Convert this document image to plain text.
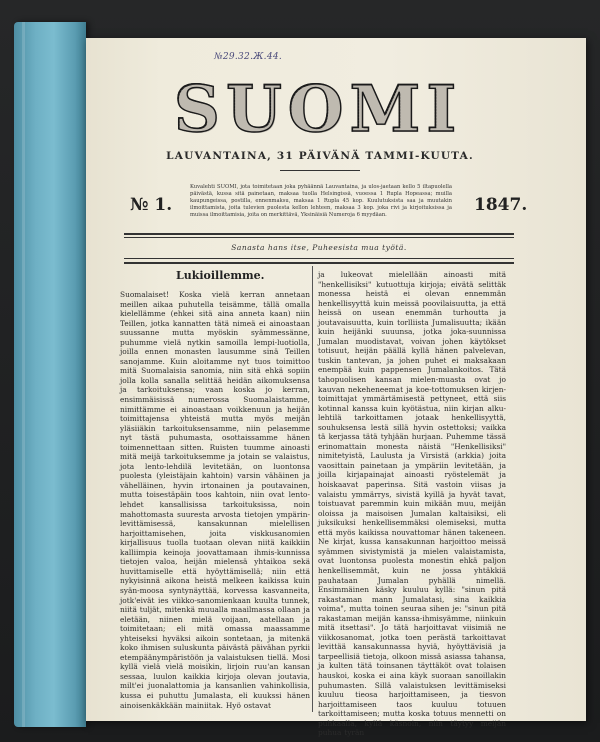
№29.32.Ж.44.
SUOMI
LAUVANTAINA, 31 PÄIVÄNÄ TAMMI-KUUTA.
№ 1.
Kuvalehti SUOMI, jota toimitetaan joka pyhäännä Lauvantaina, ja ulos-jaetaan kello 5 iltapuolella päivästä, kussa sitä painetaan, maksaa tuolla Helsingissä, vuoessa 1 Rupla Hopeassa; muilla kaupungeissa, postilla, ennenmaksu, maksaa 1 Rupla 45 kop. Kuulutuksista saa ja muutakin ilmoittamista, joita tulevien puolesta kellon lehteen, maksaa 3 kop. joka rivi ja kirjoituksissa ja muissa ilmoittamisia, joita on merkittävä, Yksinäisiä Numeroja 6 myydäan.	1847.
Sanasta hans itse, Puheesista mua työtä.
Lukioillemme.

Suomalaiset! Koska vielä kerran annetaan meillen aikaa puhutella teisämme, tällä omalla kielellämme (ehkei sitä aina anneta kaan) niin Teillen, jotka kannatten tätä nimeä ei ainoastaan suussanne mutta myöskin syämmessänne, puhumme vielä nytkin samoilla lempi-luotiolla, joilla ennen monasten lausumme sinä Teillen sanojamme. Kuin aloitamme nyt tuos toimittoo mitä Suomalaisia sanomia, niin sitä ehkä sopiin jolla kolla sanalla selittää heidän aikomuksensa ja tarkoituksensa; vaan koska jo kerran, ensimmäisissä numerossa Suomalaistamme, nimittämme ei ainoastaan voikkenuun ja heijän toimittajensa yhteistä mutta myös meijän yläsiiäkin tarkoituksensamme, niin pelasemme nyt tästä puhumasta, osottaissamme hänen toimennettaan sitten. Ruisten tuumme ainoasti mitä meijä tarkoituksemme ja jotain se valaistus, jota lento-lehdilä levitetään, on luontonsa puolesta (yleistäjain kahtoin) varsin vähäinen ja vähelläinen, hyvin irtonainen ja poutavainen, mutta toisestäpäin toos kahtoin, niin ovat lento-lehdet kansallisissa tarkoituksissa, noin mahottomasta suuresta arvosta tietojen ympärin-levittämisessä, kansakunnan mielellisen harjoittamisehen, joita viskkusanomien kirjallisuus tuolla tuotaan olevan niitä kaikkiin kalliimpia keinoja joovattamaan ihmis-kunnissa tietojen valoa, heijän mielensä yhtaikoa sekä huvittamiselle että hyöyttämisellä; niin että nykyisinnä aikona heistä melkeen kaikissa kuin syän-moosa syntynäyttää, korvessa kasvanneita, jotk'eivät ies viikko-sanomienkaan kuulta tunnek, niitä tuljät, mitenkä muualla maailmassa ollaan ja eletään, niinen mielä voijaan, aatellaan ja toimitetaan; eli mitä omassa maassamme yhteiseksi hyväksi aikoin sontetaan, ja mitenkä koko ihmisen suluskunta päivästä päivähan pyrkii etempäänympäristöön ja valaistuksen tiellä. Mosi kyllä vielä vielä moisikin, lirjoin ruu'an kansan sessaa, luulon kaikkia kirjoja olevan joutavia, milt'ei juonalattomia ja kansanlien vahinkollisia, kussa ei puhuttu Jumalasta, eli kuukssi hänen ainoisenkäkkään mainiitak. Hyö ostavat

ja lukeovat mielellään ainoasti mitä "henkellisiksi" kutuottuja kirjoja; eivätä selittäk monessa heistä ei olevan ennemmän henkellisyyttä kuin meissä poovilaisuutta, ja että heissä on usean enemmän turhoutta ja joutavaisuutta, kuin torlliista Jumalisuutta; ikään kuin heijänki suuunsa, jotka joka-suunnissa Jumalan muodistavat, voivan johen käytökset totisuut, heijän päällä kyllä hänen palvelevan, tuskin tantevan, ja johen puhet ei maksakaan enempää kuin pappensen Jumalankoitos. Tätä tahopuolisen kansan mielen-muasta ovat jo kauvan nekeheneemat ja koe-tottomuksen kirjen-toimittajat ymmärtämisestä pettyneet, että siis kotinnal kanssa kuin kyötästua, niin kirjan alku-lehtilä tarkoittamen jotaak henkellisyyttä, souhuksensa lestä sillä hyvin ostettoksi; vaikka tä kerjassa tätä tyhjään hurjaan. Puhemme tässä erinomattain monesta näistä "Henkellisiksi" nimitetyistä, Laulusta ja Virsistä (arkkia) joita vaosittain painetaan ja ympäriin levitetään, ja joilla kirjapainajat ainoasti ryöstelemät ja hoiskaavat paperinsa. Sitä vastoin viisas ja valaistu ymmärrys, sivistä kyillä ja hyvät tavat, toistuavat paremmin kuin mikään muu, meijän oloissa ja maisoisen Jumalan kaltaisiksi, eli juksikuksi henkellisemmäksi olemiseksi, mutta että myös kaikissa nouvattomar hänen takeneen. Ne kirjat, kussa kansakunnan harjoittoo meissä syämmen sivistymistä ja mielen valaistamista, ovat luontonsa puolesta monestin ehkä paljon henkellisemmät, kuin ne jossa yhtäkkiä pauhataan Jumalan pyhällä nimellä. Ensimmäinen käsky kuuluu kyllä: "sinun pitä rakastaman mann Jumalatasi, sina kaikkia voima", mutta toinen seuraa sihen je: "sinun pitä rakastaman meijän kanssa-ihmisyämme, niinkuin mitä itsettasi". Jo tätä harjoittavat viisimiä ne viikkosanomat, jotka toen perästä tarkoittavat levittää kansakunnassa hyviä, hyöyttävisiä ja tarpeellisiä tietoja, olkoon missä asiassa tahansa, ja kulten tätä toinsanen täyttäköt ovat tolaisen hauskoi, koska ei aina käyk suoraan sanoillakin puhumasten. Sillä valaistuksen levittämiseksi kuuluu tieosa harjoittamiseen, ja tiesvon harjoittamiseen taos kuuluu totuuen tarkoittamiseen; mutta koska totuus mennetti on puhkaalla, kyllä käsnoin, niin täytyy meijän puhua tyrän
